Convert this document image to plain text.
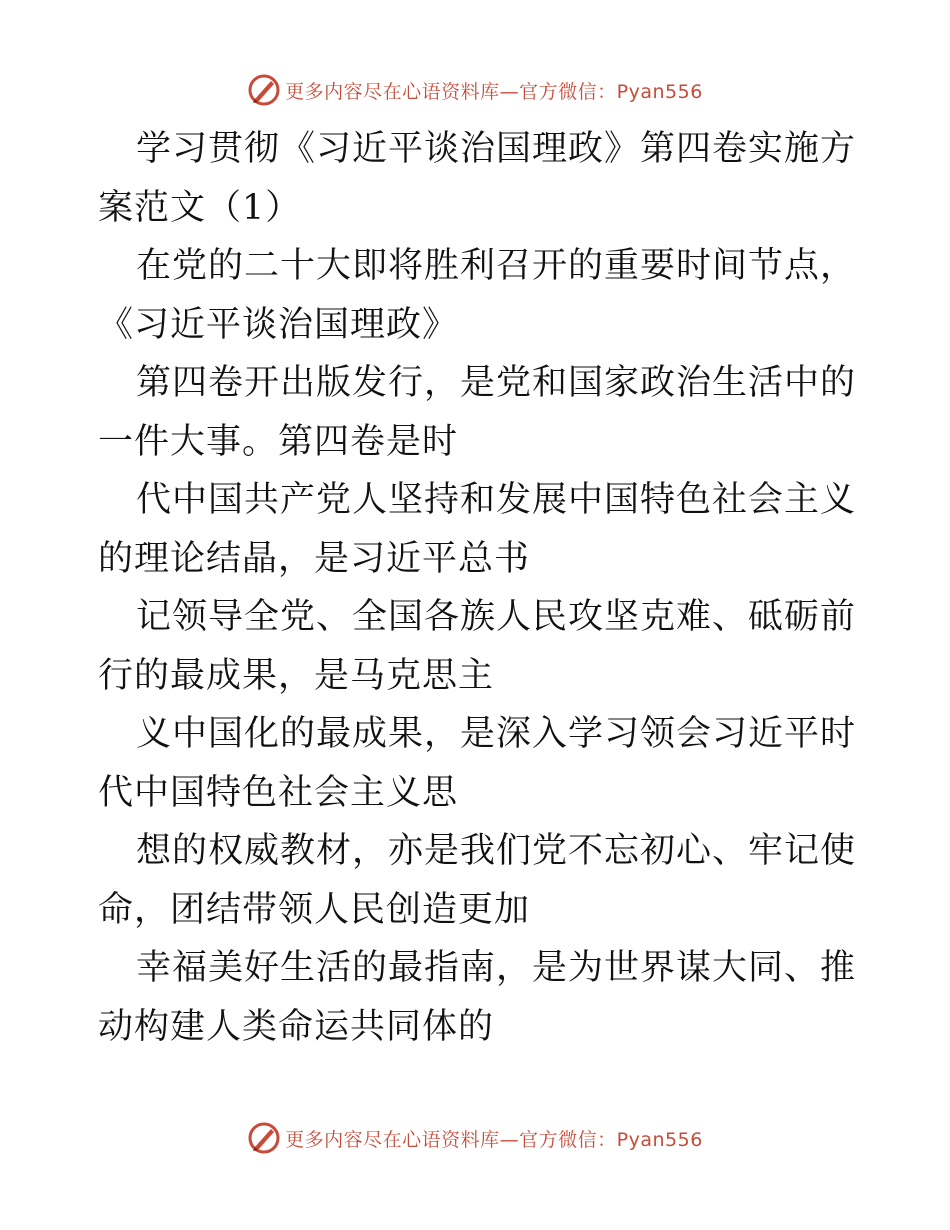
更多内容尽在心语资料库—官方微信：Pyan556

学习贯彻《习近平谈治国理政》第四卷实施方案范文（1）

在党的二十大即将胜利召开的重要时间节点，《习近平谈治国理政》

第四卷开出版发行，是党和国家政治生活中的一件大事。第四卷是时

代中国共产党人坚持和发展中国特色社会主义的理论结晶，是习近平总书

记领导全党、全国各族人民攻坚克难、砥砺前行的最成果，是马克思主

义中国化的最成果，是深入学习领会习近平时代中国特色社会主义思

想的权威教材，亦是我们党不忘初心、牢记使命，团结带领人民创造更加

幸福美好生活的最指南，是为世界谋大同、推动构建人类命运共同体的

更多内容尽在心语资料库—官方微信：Pyan556
